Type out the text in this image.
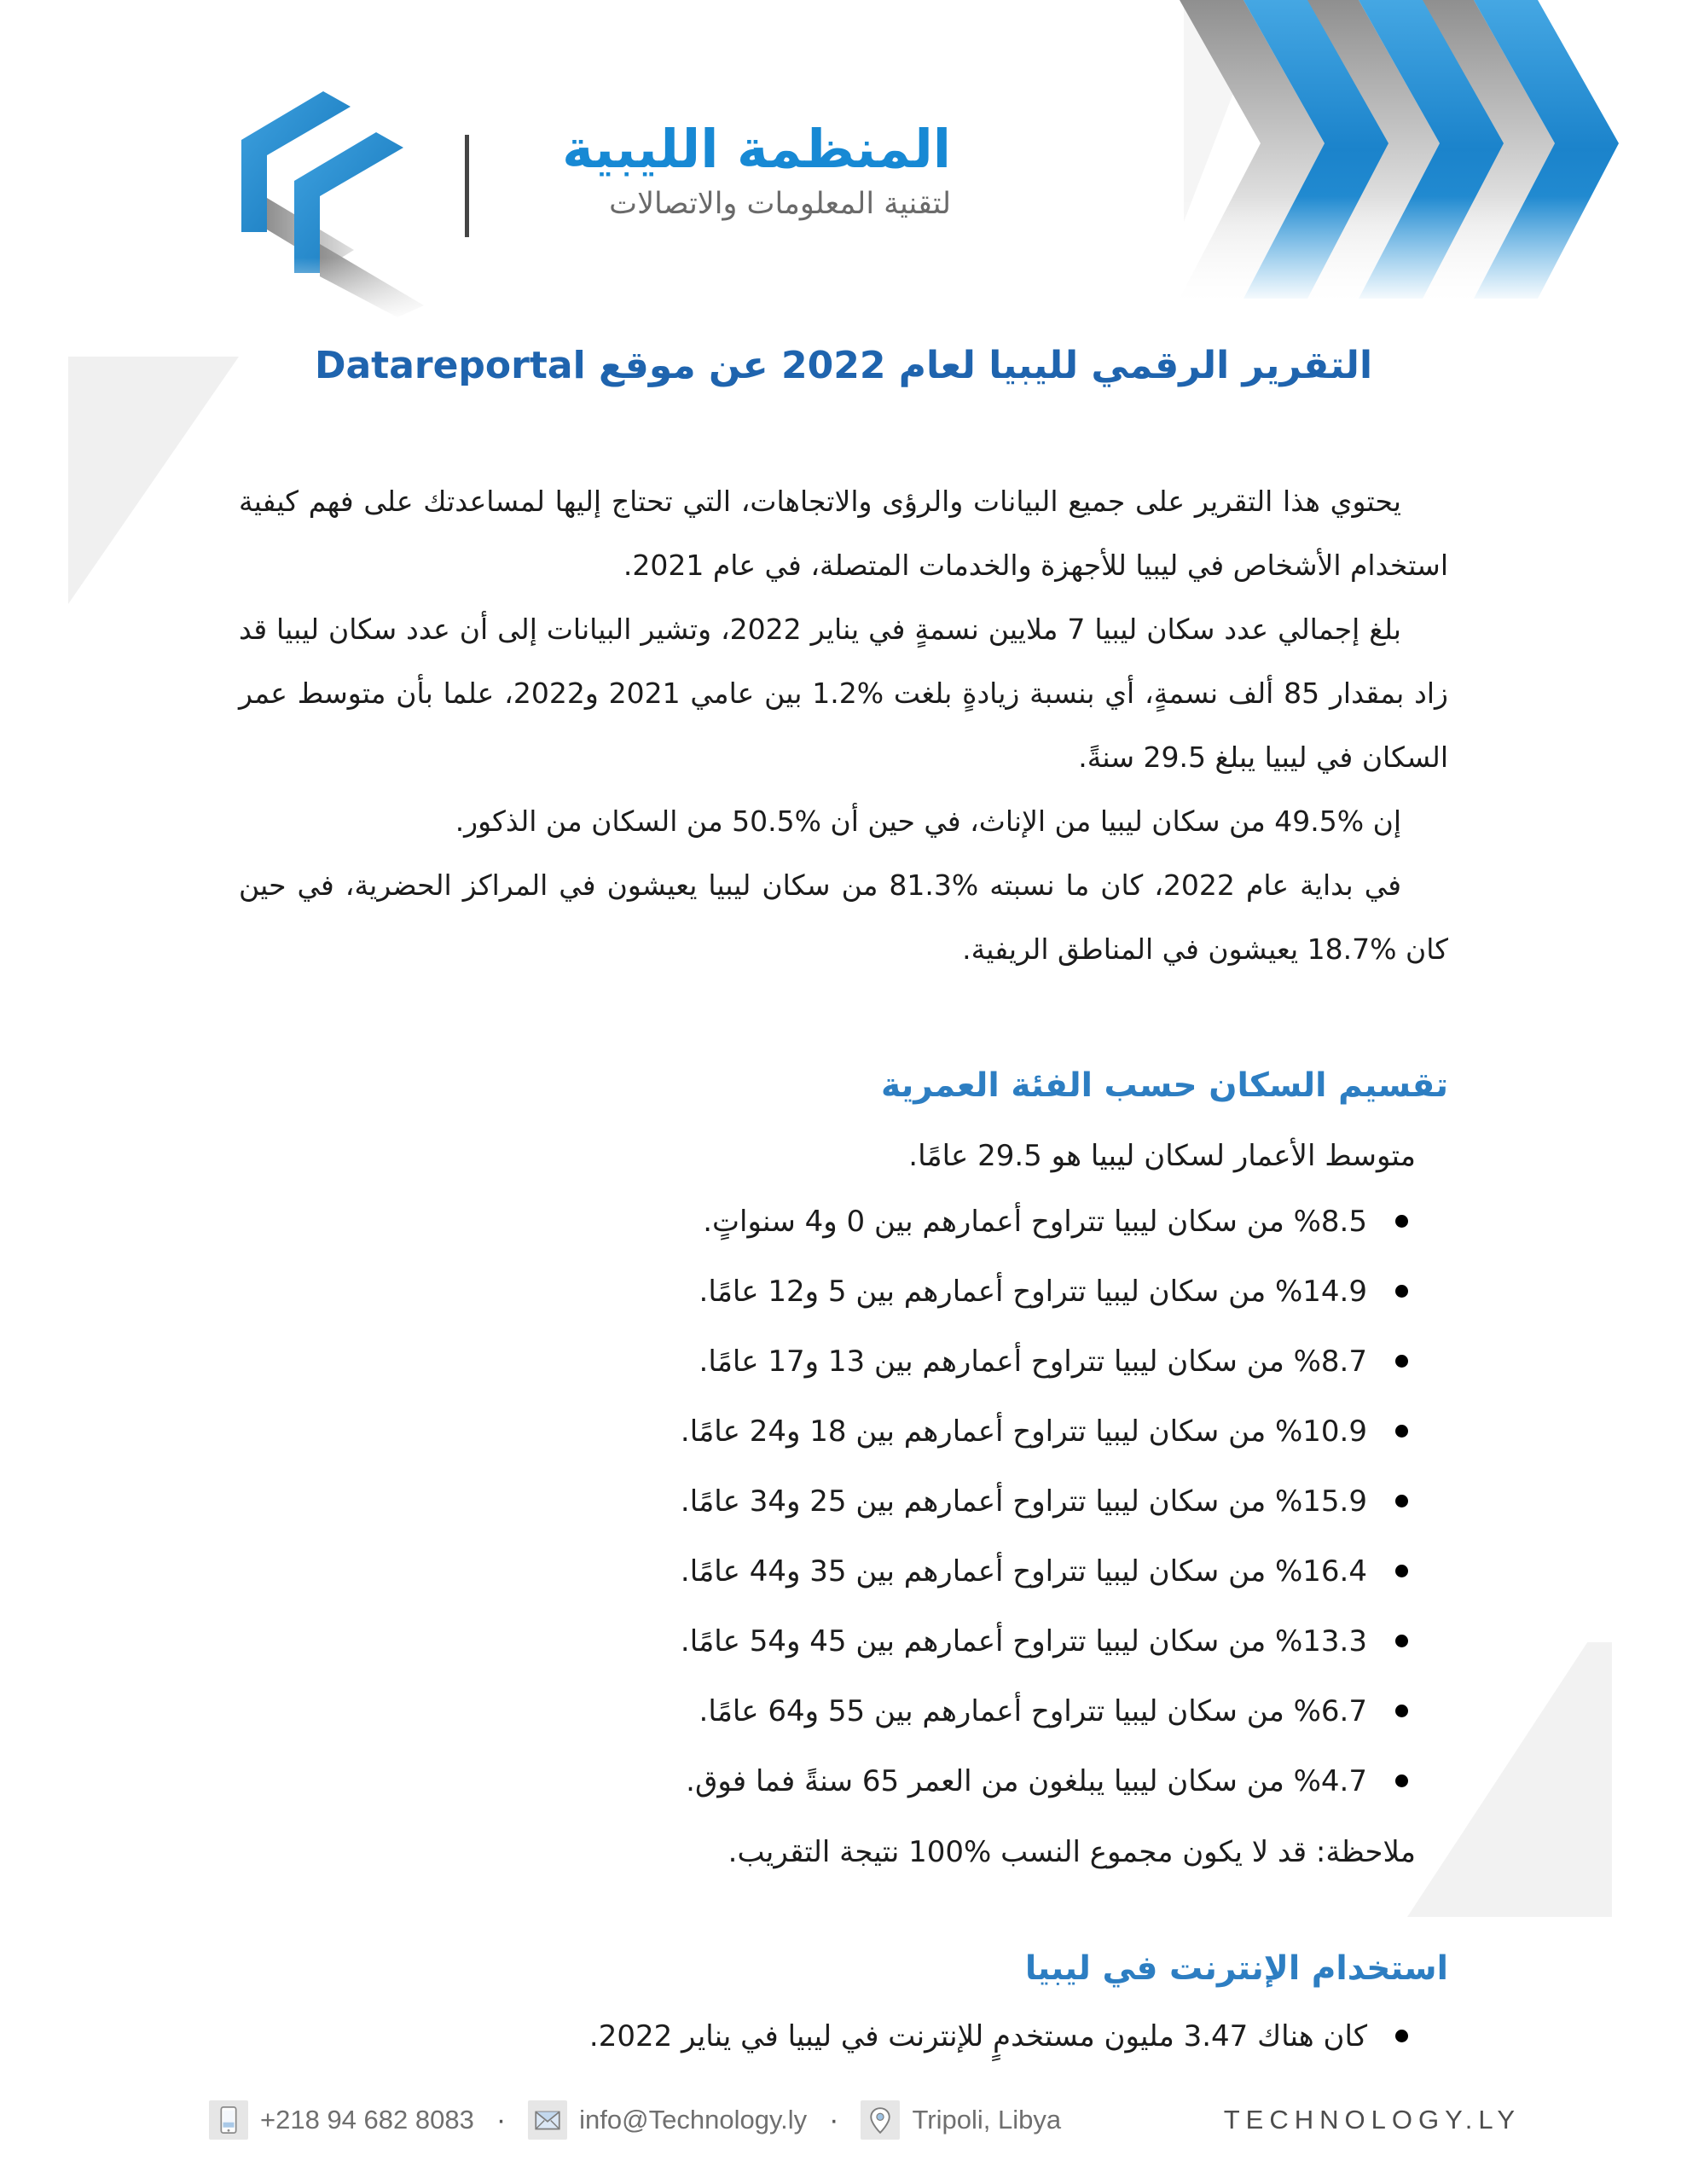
المنظمة الليبية
لتقنية المعلومات والاتصالات
التقرير الرقمي لليبيا لعام 2022 عن موقع Datareportal

يحتوي هذا التقرير على جميع البيانات والرؤى والاتجاهات، التي تحتاج إليها لمساعدتك على فهم كيفية استخدام الأشخاص في ليبيا للأجهزة والخدمات المتصلة، في عام 2021.

بلغ إجمالي عدد سكان ليبيا 7 ملايين نسمةٍ في يناير 2022، وتشير البيانات إلى أن عدد سكان ليبيا قد زاد بمقدار 85 ألف نسمةٍ، أي بنسبة زيادةٍ بلغت %1.2 بين عامي 2021 و2022، علما بأن متوسط عمر السكان في ليبيا يبلغ 29.5 سنةً.

إن %49.5 من سكان ليبيا من الإناث، في حين أن %50.5 من السكان من الذكور.

في بداية عام 2022، كان ما نسبته %81.3 من سكان ليبيا يعيشون في المراكز الحضرية، في حين كان %18.7 يعيشون في المناطق الريفية.

تقسيم السكان حسب الفئة العمرية
متوسط الأعمار لسكان ليبيا هو 29.5 عامًا.
%8.5 من سكان ليبيا تتراوح أعمارهم بين 0 و4 سنواتٍ.
%14.9 من سكان ليبيا تتراوح أعمارهم بين 5 و12 عامًا.
%8.7 من سكان ليبيا تتراوح أعمارهم بين 13 و17 عامًا.
%10.9 من سكان ليبيا تتراوح أعمارهم بين 18 و24 عامًا.
%15.9 من سكان ليبيا تتراوح أعمارهم بين 25 و34 عامًا.
%16.4 من سكان ليبيا تتراوح أعمارهم بين 35 و44 عامًا.
%13.3 من سكان ليبيا تتراوح أعمارهم بين 45 و54 عامًا.
%6.7 من سكان ليبيا تتراوح أعمارهم بين 55 و64 عامًا.
%4.7 من سكان ليبيا يبلغون من العمر 65 سنةً فما فوق.
ملاحظة: قد لا يكون مجموع النسب %100 نتيجة التقريب.
استخدام الإنترنت في ليبيا
كان هناك 3.47 مليون مستخدمٍ للإنترنت في ليبيا في يناير 2022.
+218 94 682 8083 ·	info@Technology.ly ·	Tripoli, Libya	TECHNOLOGY.LY
